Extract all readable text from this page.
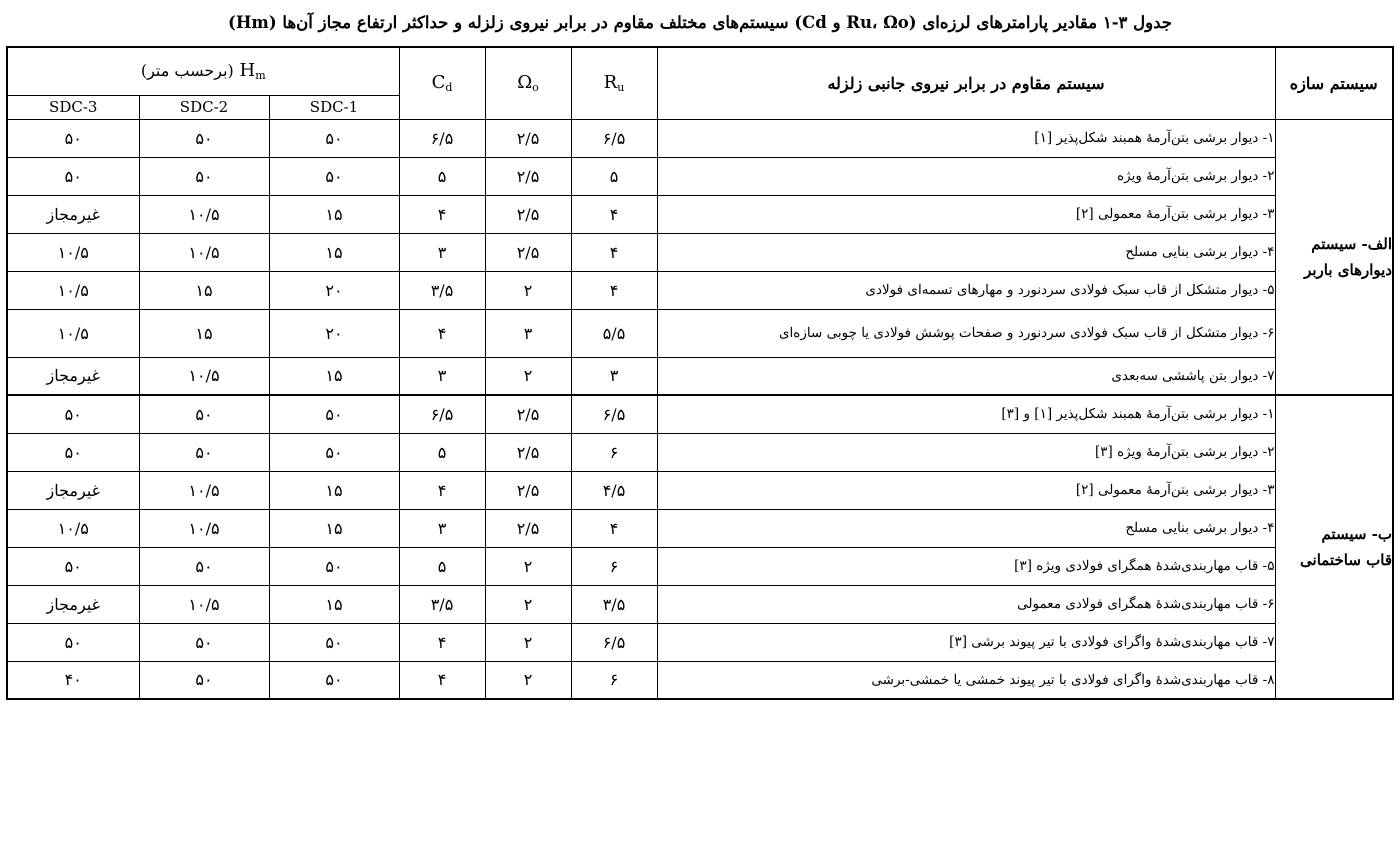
جدول ۳-۱ مقادیر پارامترهای لرزه‌ای (Ru، Ωo و Cd) سیستم‌های مختلف مقاوم در برابر نیروی زلزله و حداکثر ارتفاع مجاز آن‌ها (Hm)
سیستم سازه	سیستم مقاوم در برابر نیروی جانبی زلزله	$R_u$	$\Omega_o$	$C_d$	$H_m$ (برحسب متر)		
					SDC-1	SDC-2	SDC-3

الف- سیستم
دیوارهای باربر	۱- دیوار برشی بتن‌آرمهٔ همبند شکل‌پذیر [۱]	۶/۵	۲/۵	۶/۵	۵۰	۵۰	۵۰
	۲- دیوار برشی بتن‌آرمهٔ ویژه	۵	۲/۵	۵	۵۰	۵۰	۵۰
	۳- دیوار برشی بتن‌آرمهٔ معمولی [۲]	۴	۲/۵	۴	۱۵	۱۰/۵	غیرمجاز
	۴- دیوار برشی بنایی مسلح	۴	۲/۵	۳	۱۵	۱۰/۵	۱۰/۵
	۵- دیوار متشکل از قاب سبک فولادی سردنورد و مهارهای تسمه‌ای فولادی	۴	۲	۳/۵	۲۰	۱۵	۱۰/۵
	۶- دیوار متشکل از قاب سبک فولادی سردنورد و صفحات پوشش فولادی یا چوبی سازه‌ای	۵/۵	۳	۴	۲۰	۱۵	۱۰/۵
	۷- دیوار بتن پاششی سه‌بعدی	۳	۲	۳	۱۵	۱۰/۵	غیرمجاز

ب- سیستم
قاب ساختمانی	۱- دیوار برشی بتن‌آرمهٔ همبند شکل‌پذیر [۱] و [۳]	۶/۵	۲/۵	۶/۵	۵۰	۵۰	۵۰
	۲- دیوار برشی بتن‌آرمهٔ ویژه [۳]	۶	۲/۵	۵	۵۰	۵۰	۵۰
	۳- دیوار برشی بتن‌آرمهٔ معمولی [۲]	۴/۵	۲/۵	۴	۱۵	۱۰/۵	غیرمجاز
	۴- دیوار برشی بنایی مسلح	۴	۲/۵	۳	۱۵	۱۰/۵	۱۰/۵
	۵- قاب مهاربندی‌شدهٔ همگرای فولادی ویژه [۳]	۶	۲	۵	۵۰	۵۰	۵۰
	۶- قاب مهاربندی‌شدهٔ همگرای فولادی معمولی	۳/۵	۲	۳/۵	۱۵	۱۰/۵	غیرمجاز
	۷- قاب مهاربندی‌شدهٔ واگرای فولادی با تیر پیوند برشی [۳]	۶/۵	۲	۴	۵۰	۵۰	۵۰
	۸- قاب مهاربندی‌شدهٔ واگرای فولادی با تیر پیوند خمشی یا خمشی-برشی	۶	۲	۴	۵۰	۵۰	۴۰
